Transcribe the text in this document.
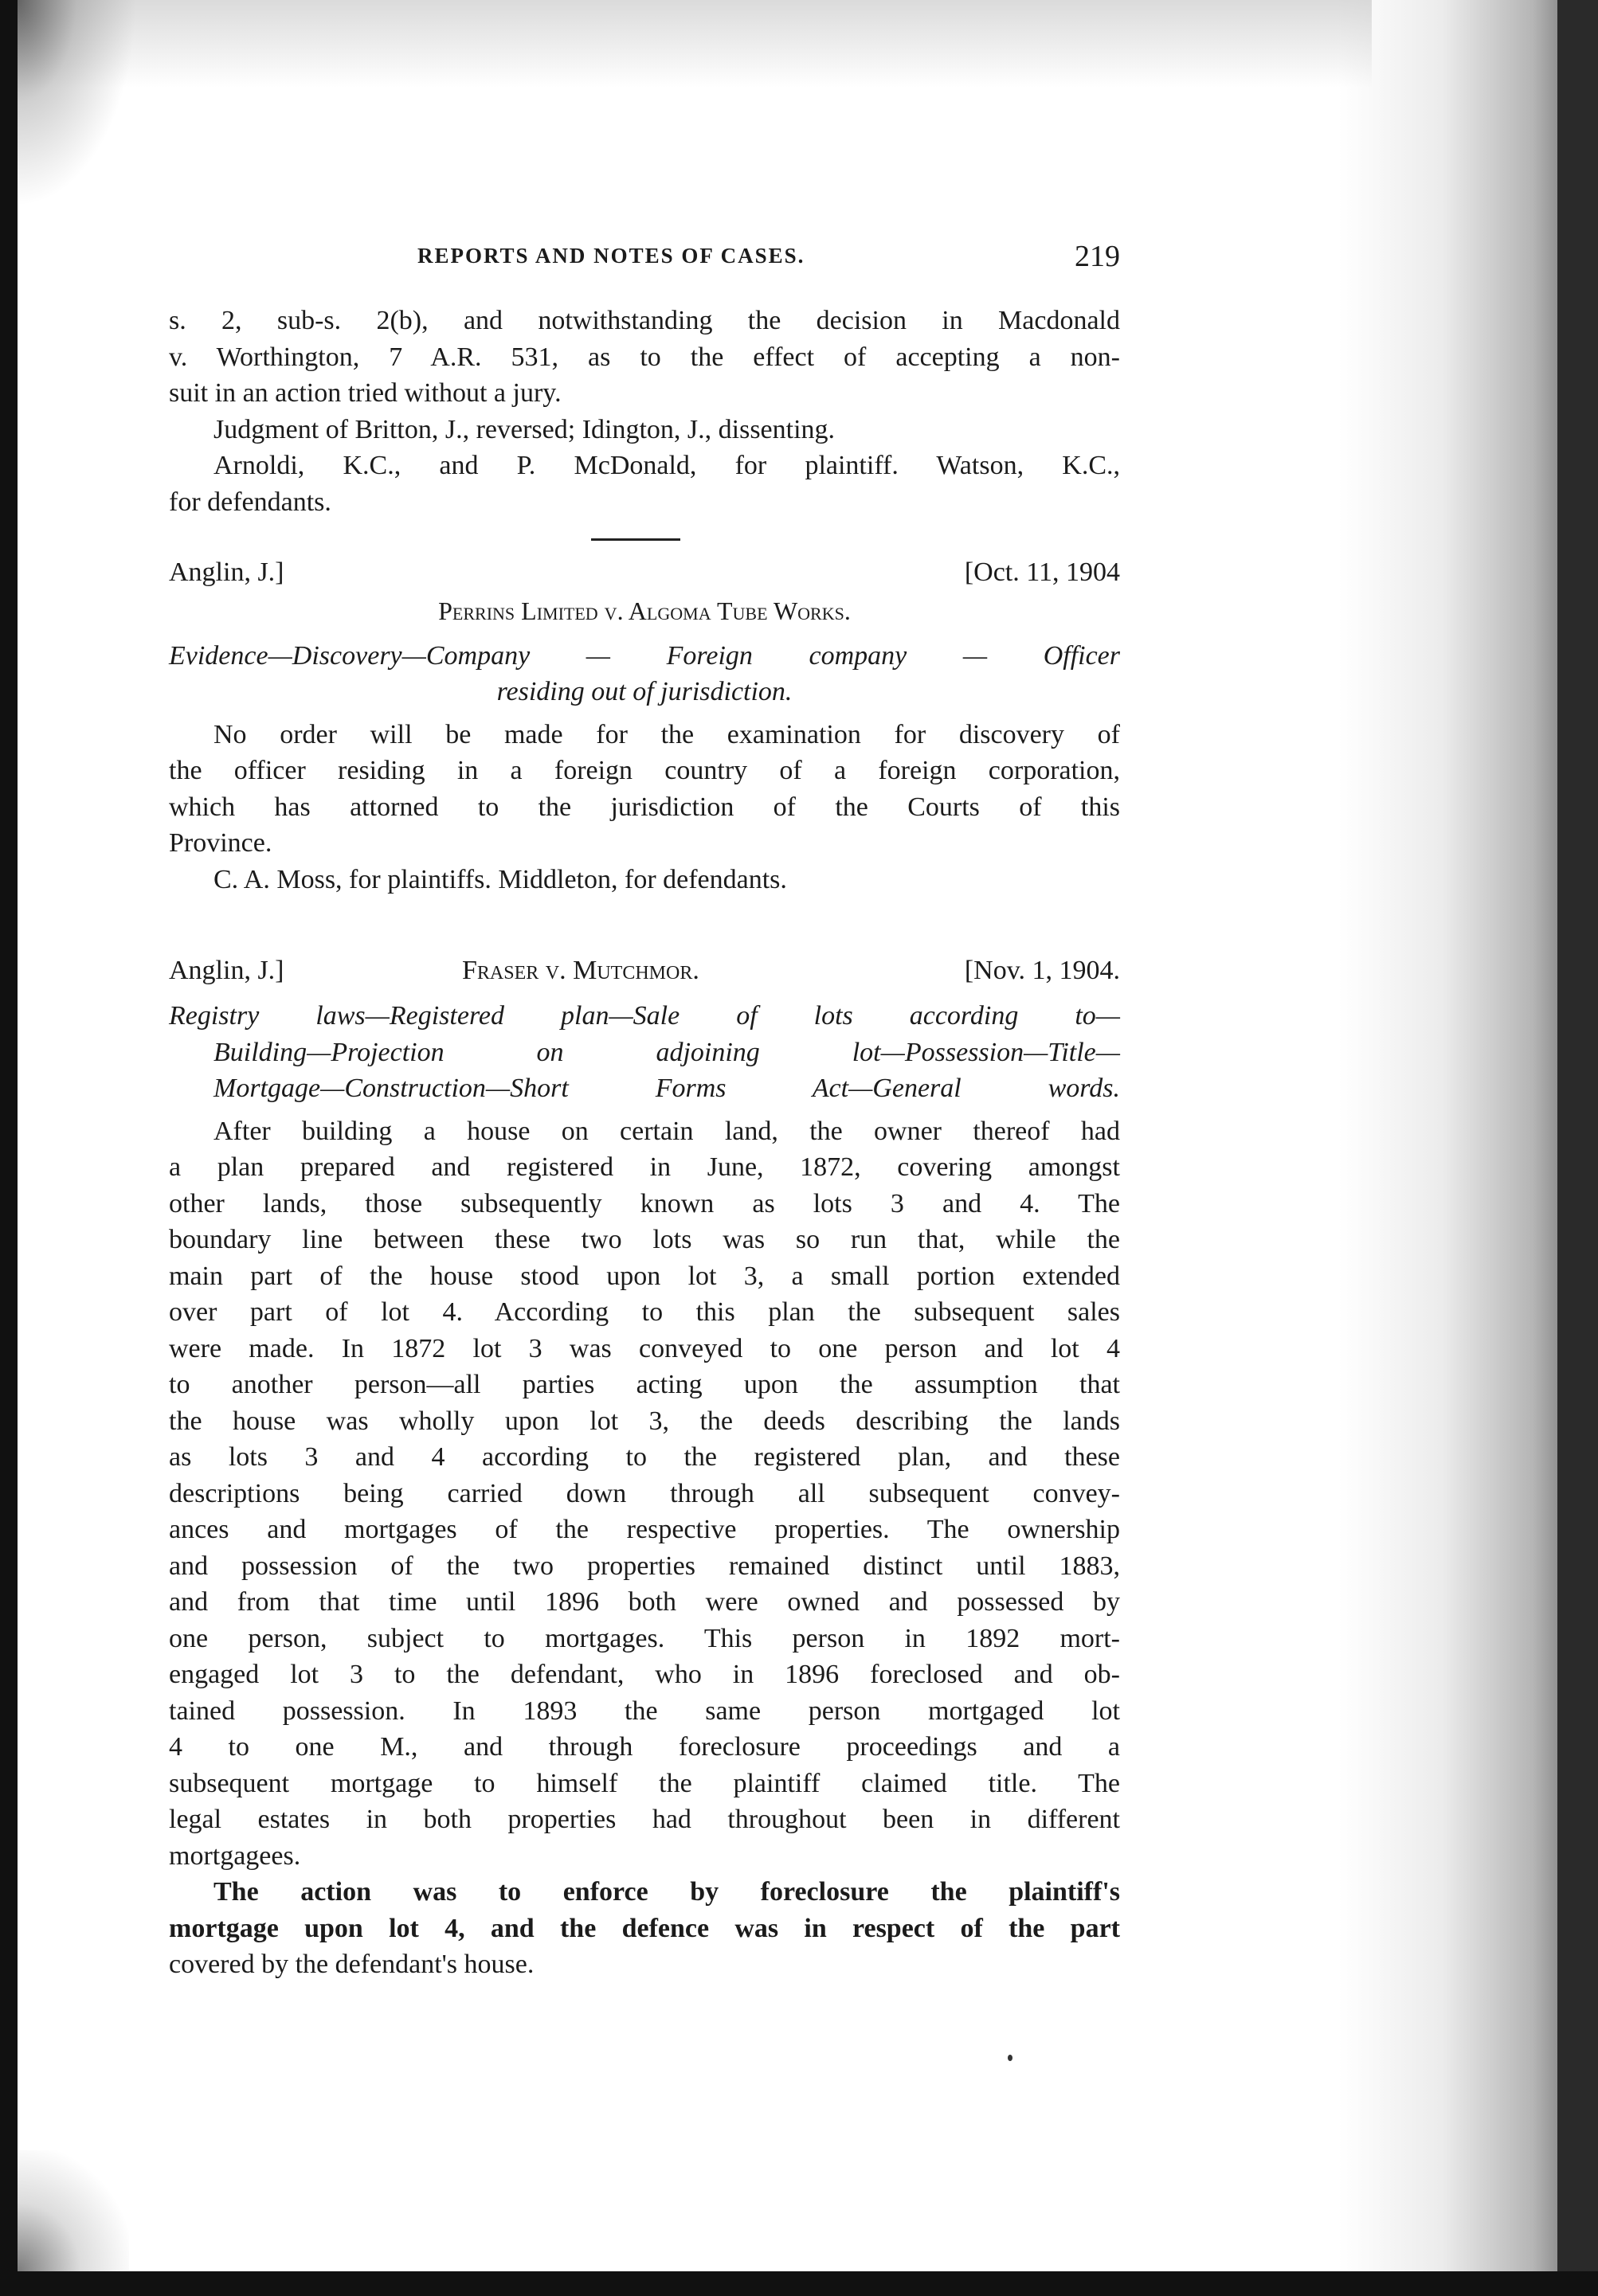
REPORTS AND NOTES OF CASES.	219
s. 2, sub-s. 2(b), and notwithstanding the decision in Macdonald
v. Worthington, 7 A.R. 531, as to the effect of accepting a non-
suit in an action tried without a jury.
Judgment of Britton, J., reversed; Idington, J., dissenting.
Arnoldi, K.C., and P. McDonald, for plaintiff. Watson, K.C.,
for defendants.
Anglin, J.]	[Oct. 11, 1904
Perrins Limited v. Algoma Tube Works.
Evidence—Discovery—Company — Foreign company — Officer
residing out of jurisdiction.
No order will be made for the examination for discovery of
the officer residing in a foreign country of a foreign corporation,
which has attorned to the jurisdiction of the Courts of this
Province.
C. A. Moss, for plaintiffs. Middleton, for defendants.
Anglin, J.]	Fraser v. Mutchmor.	[Nov. 1, 1904.
Registry laws—Registered plan—Sale of lots according to—
Building—Projection on adjoining lot—Possession—Title—
Mortgage—Construction—Short Forms Act—General words.
After building a house on certain land, the owner thereof had
a plan prepared and registered in June, 1872, covering amongst
other lands, those subsequently known as lots 3 and 4. The
boundary line between these two lots was so run that, while the
main part of the house stood upon lot 3, a small portion extended
over part of lot 4. According to this plan the subsequent sales
were made. In 1872 lot 3 was conveyed to one person and lot 4
to another person—all parties acting upon the assumption that
the house was wholly upon lot 3, the deeds describing the lands
as lots 3 and 4 according to the registered plan, and these
descriptions being carried down through all subsequent convey-
ances and mortgages of the respective properties. The ownership
and possession of the two properties remained distinct until 1883,
and from that time until 1896 both were owned and possessed by
one person, subject to mortgages. This person in 1892 mort-
engaged lot 3 to the defendant, who in 1896 foreclosed and ob-
tained possession. In 1893 the same person mortgaged lot
4 to one M., and through foreclosure proceedings and a
subsequent mortgage to himself the plaintiff claimed title. The
legal estates in both properties had throughout been in different
mortgagees.
The action was to enforce by foreclosure the plaintiff's
mortgage upon lot 4, and the defence was in respect of the part
covered by the defendant's house.
